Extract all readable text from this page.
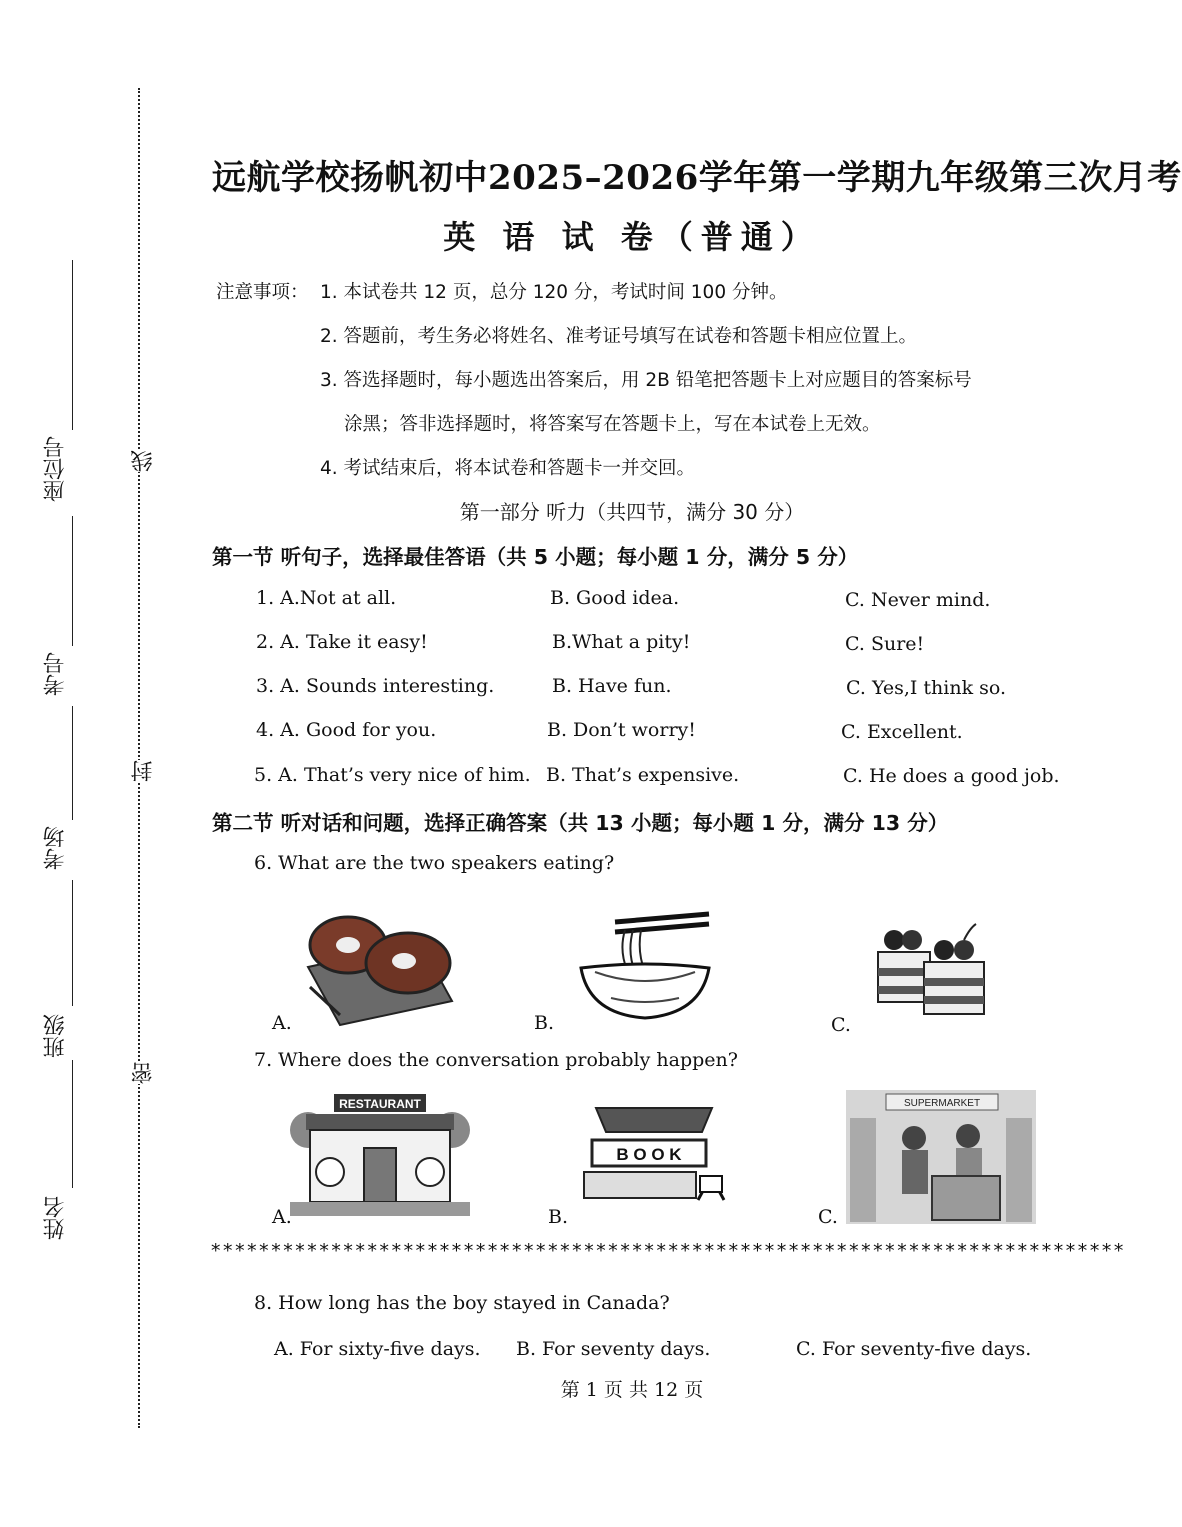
姓名
班级
考场
考号
座位号
密
封
线
远航学校扬帆初中2025–2026学年第一学期九年级第三次月考
英 语 试 卷（普通）
注意事项： 1. 本试卷共 12 页，总分 120 分，考试时间 100 分钟。
2. 答题前，考生务必将姓名、准考证号填写在试卷和答题卡相应位置上。
3. 答选择题时，每小题选出答案后，用 2B 铅笔把答题卡上对应题目的答案标号
涂黑；答非选择题时，将答案写在答题卡上，写在本试卷上无效。
4. 考试结束后，将本试卷和答题卡一并交回。
第一部分 听力（共四节，满分 30 分）
第一节 听句子，选择最佳答语（共 5 小题；每小题 1 分，满分 5 分）
1. A.Not at all.	B. Good idea.	C. Never mind.
2. A. Take it easy!	B.What a pity!	C. Sure!
3. A. Sounds interesting.	B. Have fun.	C. Yes,I think so.
4. A. Good for you.	B. Don’t worry!	C. Excellent.
5. A. That’s very nice of him. B. That’s expensive.	C. He does a good job.
第二节 听对话和问题，选择正确答案（共 13 小题；每小题 1 分，满分 13 分）
6. What are the two speakers eating?
A.	B.	C.
7. Where does the conversation probably happen?
RESTAURANT
A.
B O O K
B.
SUPERMARKET
C.
****************************************************************************
8. How long has the boy stayed in Canada?
A. For sixty-five days. B. For seventy days.	C. For seventy-five days.
第 1 页 共 12 页
